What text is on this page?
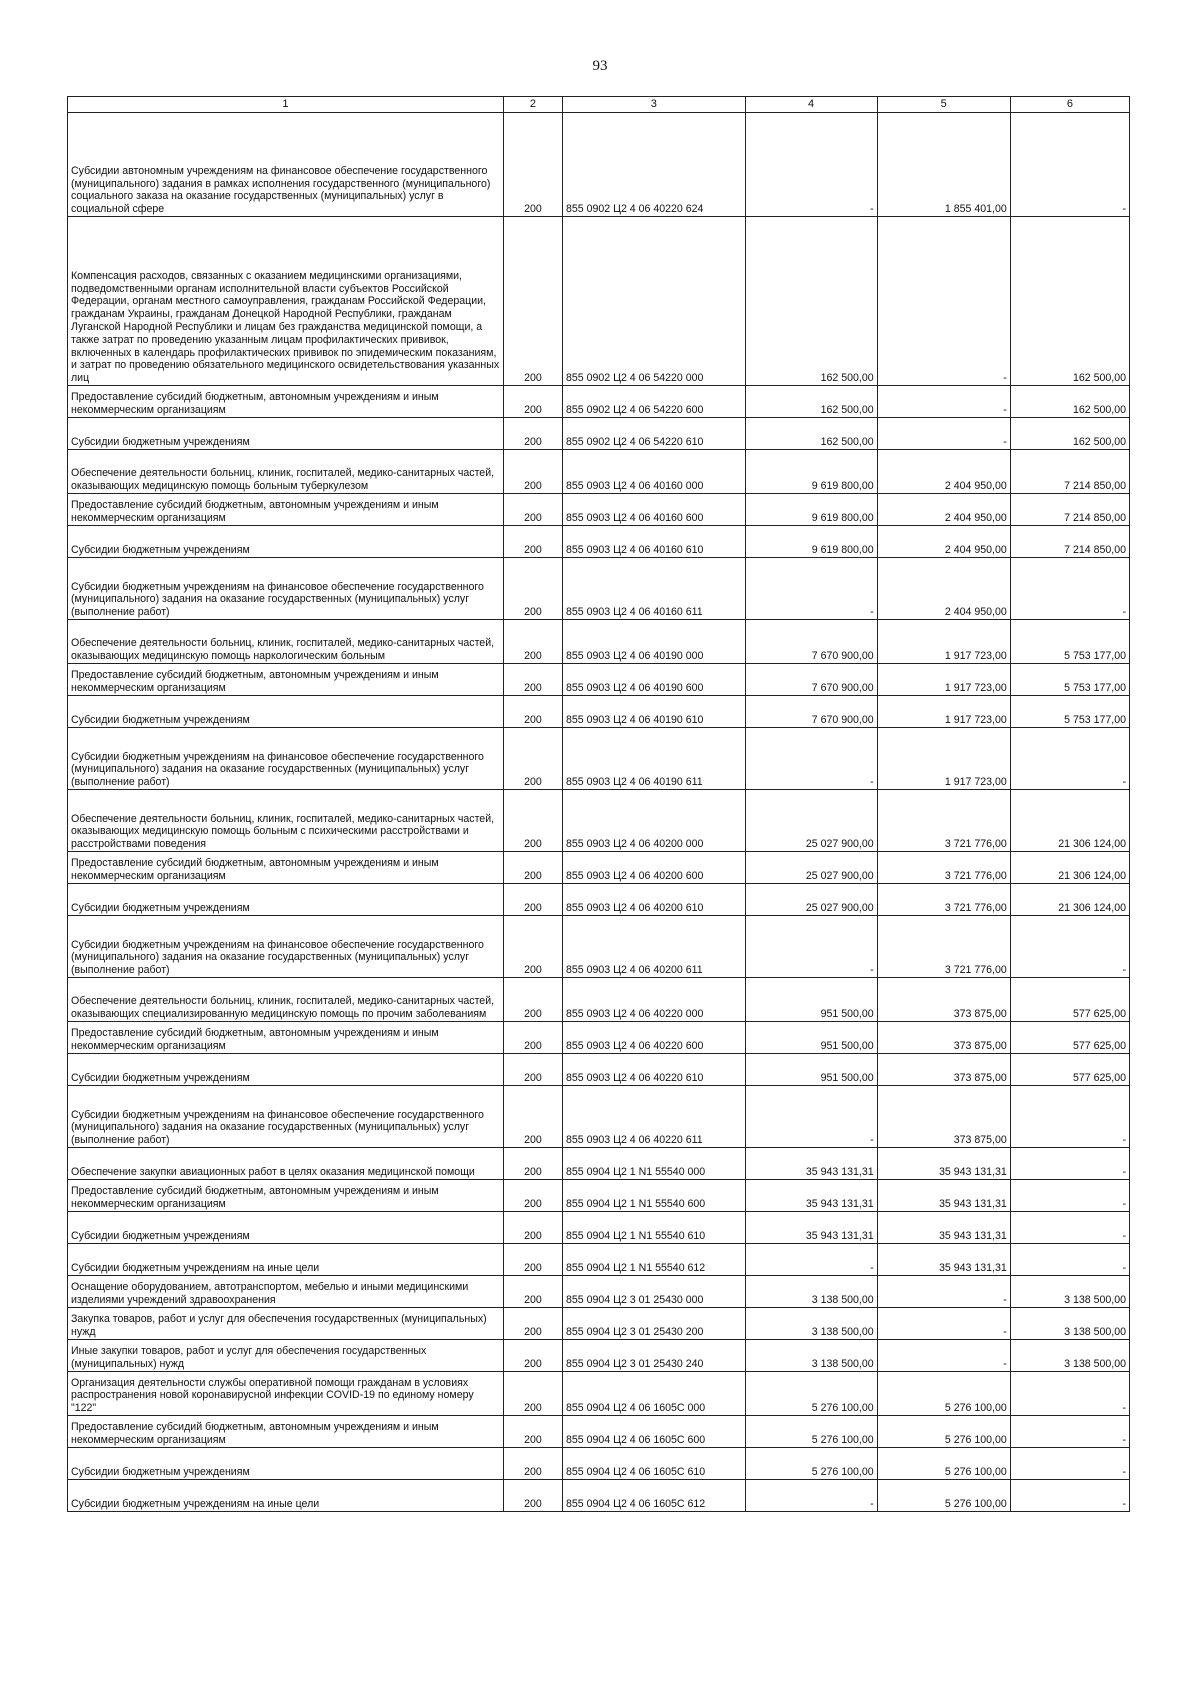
93
1	2	3	4	5	6
Субсидии автономным учреждениям на финансовое обеспечение государственного (муниципального) задания в рамках исполнения государственного (муниципального) социального заказа на оказание государственных (муниципальных) услуг в социальной сфере	200	855 0902 Ц2 4 06 40220 624	-	1 855 401,00	-
Компенсация расходов, связанных с оказанием медицинскими организациями, подведомственными органам исполнительной власти субъектов Российской Федерации, органам местного самоуправления, гражданам Российской Федерации, гражданам Украины, гражданам Донецкой Народной Республики, гражданам Луганской Народной Республики и лицам без гражданства медицинской помощи, а также затрат по проведению указанным лицам профилактических прививок, включенных в календарь профилактических прививок по эпидемическим показаниям, и затрат по проведению обязательного медицинского освидетельствования указанных лиц	200	855 0902 Ц2 4 06 54220 000	162 500,00	-	162 500,00
Предоставление субсидий бюджетным, автономным учреждениям и иным некоммерческим организациям	200	855 0902 Ц2 4 06 54220 600	162 500,00	-	162 500,00
Субсидии бюджетным учреждениям	200	855 0902 Ц2 4 06 54220 610	162 500,00	-	162 500,00
Обеспечение деятельности больниц, клиник, госпиталей, медико-санитарных частей, оказывающих медицинскую помощь больным туберкулезом	200	855 0903 Ц2 4 06 40160 000	9 619 800,00	2 404 950,00	7 214 850,00
Предоставление субсидий бюджетным, автономным учреждениям и иным некоммерческим организациям	200	855 0903 Ц2 4 06 40160 600	9 619 800,00	2 404 950,00	7 214 850,00
Субсидии бюджетным учреждениям	200	855 0903 Ц2 4 06 40160 610	9 619 800,00	2 404 950,00	7 214 850,00
Субсидии бюджетным учреждениям на финансовое обеспечение государственного (муниципального) задания на оказание государственных (муниципальных) услуг (выполнение работ)	200	855 0903 Ц2 4 06 40160 611	-	2 404 950,00	-
Обеспечение деятельности больниц, клиник, госпиталей, медико-санитарных частей, оказывающих медицинскую помощь наркологическим больным	200	855 0903 Ц2 4 06 40190 000	7 670 900,00	1 917 723,00	5 753 177,00
Предоставление субсидий бюджетным, автономным учреждениям и иным некоммерческим организациям	200	855 0903 Ц2 4 06 40190 600	7 670 900,00	1 917 723,00	5 753 177,00
Субсидии бюджетным учреждениям	200	855 0903 Ц2 4 06 40190 610	7 670 900,00	1 917 723,00	5 753 177,00
Субсидии бюджетным учреждениям на финансовое обеспечение государственного (муниципального) задания на оказание государственных (муниципальных) услуг (выполнение работ)	200	855 0903 Ц2 4 06 40190 611	-	1 917 723,00	-
Обеспечение деятельности больниц, клиник, госпиталей, медико-санитарных частей, оказывающих медицинскую помощь больным с психическими расстройствами и расстройствами поведения	200	855 0903 Ц2 4 06 40200 000	25 027 900,00	3 721 776,00	21 306 124,00
Предоставление субсидий бюджетным, автономным учреждениям и иным некоммерческим организациям	200	855 0903 Ц2 4 06 40200 600	25 027 900,00	3 721 776,00	21 306 124,00
Субсидии бюджетным учреждениям	200	855 0903 Ц2 4 06 40200 610	25 027 900,00	3 721 776,00	21 306 124,00
Субсидии бюджетным учреждениям на финансовое обеспечение государственного (муниципального) задания на оказание государственных (муниципальных) услуг (выполнение работ)	200	855 0903 Ц2 4 06 40200 611	-	3 721 776,00	-
Обеспечение деятельности больниц, клиник, госпиталей, медико-санитарных частей, оказывающих специализированную медицинскую помощь по прочим заболеваниям	200	855 0903 Ц2 4 06 40220 000	951 500,00	373 875,00	577 625,00
Предоставление субсидий бюджетным, автономным учреждениям и иным некоммерческим организациям	200	855 0903 Ц2 4 06 40220 600	951 500,00	373 875,00	577 625,00
Субсидии бюджетным учреждениям	200	855 0903 Ц2 4 06 40220 610	951 500,00	373 875,00	577 625,00
Субсидии бюджетным учреждениям на финансовое обеспечение государственного (муниципального) задания на оказание государственных (муниципальных) услуг (выполнение работ)	200	855 0903 Ц2 4 06 40220 611	-	373 875,00	-
Обеспечение закупки авиационных работ в целях оказания медицинской помощи	200	855 0904 Ц2 1 N1 55540 000	35 943 131,31	35 943 131,31	-
Предоставление субсидий бюджетным, автономным учреждениям и иным некоммерческим организациям	200	855 0904 Ц2 1 N1 55540 600	35 943 131,31	35 943 131,31	-
Субсидии бюджетным учреждениям	200	855 0904 Ц2 1 N1 55540 610	35 943 131,31	35 943 131,31	-
Субсидии бюджетным учреждениям на иные цели	200	855 0904 Ц2 1 N1 55540 612	-	35 943 131,31	-
Оснащение оборудованием, автотранспортом, мебелью и иными медицинскими изделиями учреждений здравоохранения	200	855 0904 Ц2 3 01 25430 000	3 138 500,00	-	3 138 500,00
Закупка товаров, работ и услуг для обеспечения государственных (муниципальных) нужд	200	855 0904 Ц2 3 01 25430 200	3 138 500,00	-	3 138 500,00
Иные закупки товаров, работ и услуг для обеспечения государственных (муниципальных) нужд	200	855 0904 Ц2 3 01 25430 240	3 138 500,00	-	3 138 500,00
Организация деятельности службы оперативной помощи гражданам в условиях распространения новой коронавирусной инфекции COVID-19 по единому номеру "122"	200	855 0904 Ц2 4 06 1605С 000	5 276 100,00	5 276 100,00	-
Предоставление субсидий бюджетным, автономным учреждениям и иным некоммерческим организациям	200	855 0904 Ц2 4 06 1605С 600	5 276 100,00	5 276 100,00	-
Субсидии бюджетным учреждениям	200	855 0904 Ц2 4 06 1605С 610	5 276 100,00	5 276 100,00	-
Субсидии бюджетным учреждениям на иные цели	200	855 0904 Ц2 4 06 1605С 612	-	5 276 100,00	-
